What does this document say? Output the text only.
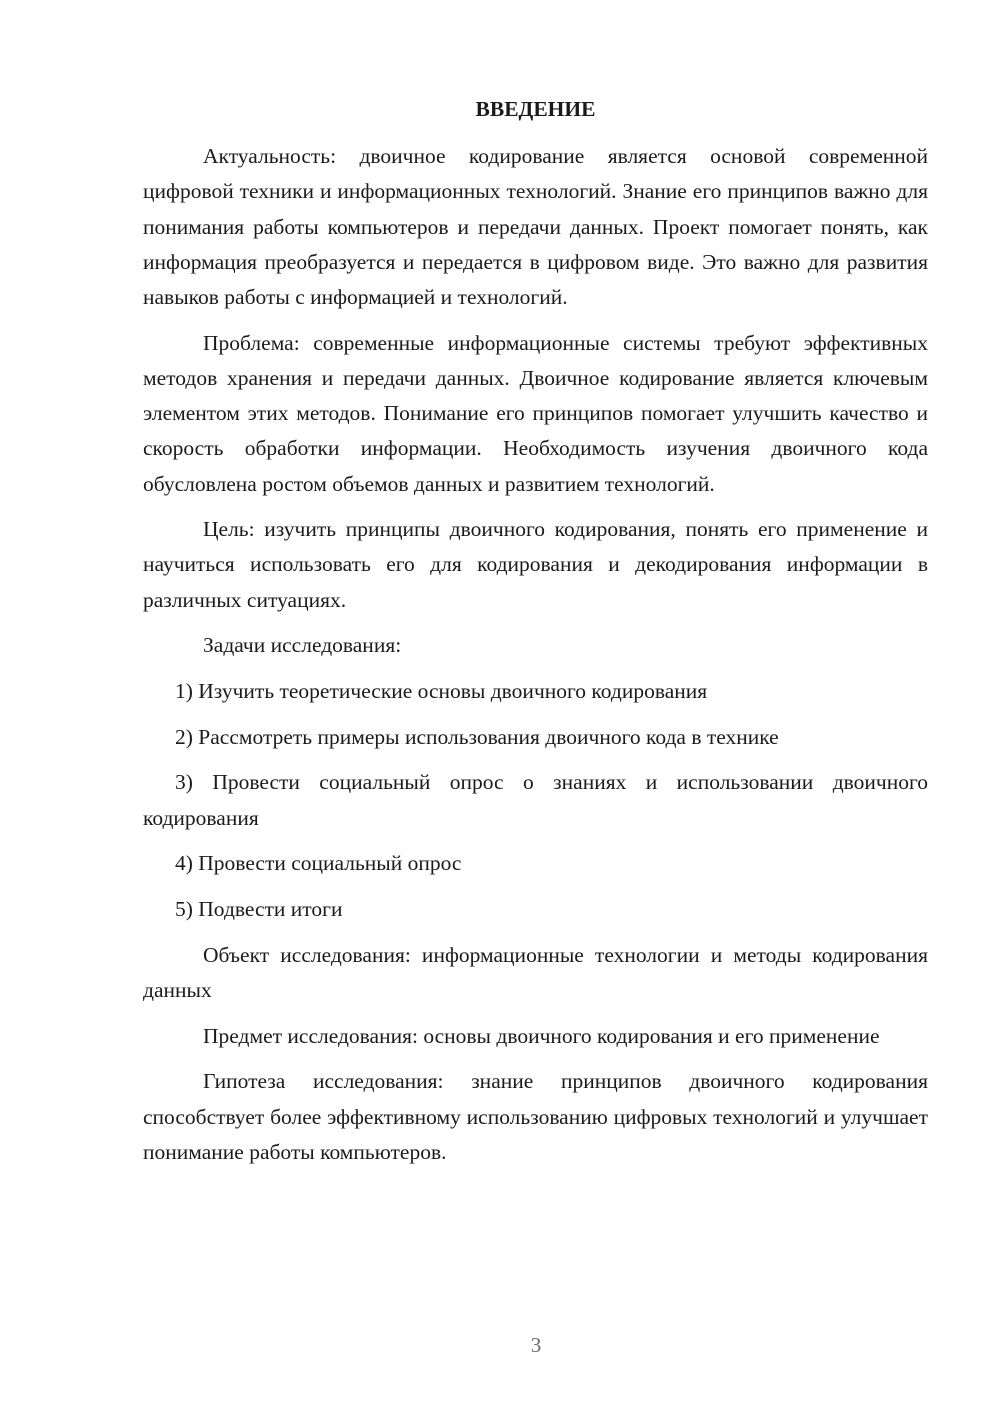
ВВЕДЕНИЕ

Актуальность: двоичное кодирование является основой современной цифровой техники и информационных технологий. Знание его принципов важно для понимания работы компьютеров и передачи данных. Проект помогает понять, как информация преобразуется и передается в цифровом виде. Это важно для развития навыков работы с информацией и технологий.

Проблема: современные информационные системы требуют эффективных методов хранения и передачи данных. Двоичное кодирование является ключевым элементом этих методов. Понимание его принципов помогает улучшить качество и скорость обработки информации. Необходимость изучения двоичного кода обусловлена ростом объемов данных и развитием технологий.

Цель: изучить принципы двоичного кодирования, понять его применение и научиться использовать его для кодирования и декодирования информации в различных ситуациях.

Задачи исследования:

1) Изучить теоретические основы двоичного кодирования

2) Рассмотреть примеры использования двоичного кода в технике

3) Провести социальный опрос о знаниях и использовании двоичного кодирования

4) Провести социальный опрос

5) Подвести итоги

Объект исследования: информационные технологии и методы кодирования данных

Предмет исследования: основы двоичного кодирования и его применение

Гипотеза исследования: знание принципов двоичного кодирования способствует более эффективному использованию цифровых технологий и улучшает понимание работы компьютеров.

3
